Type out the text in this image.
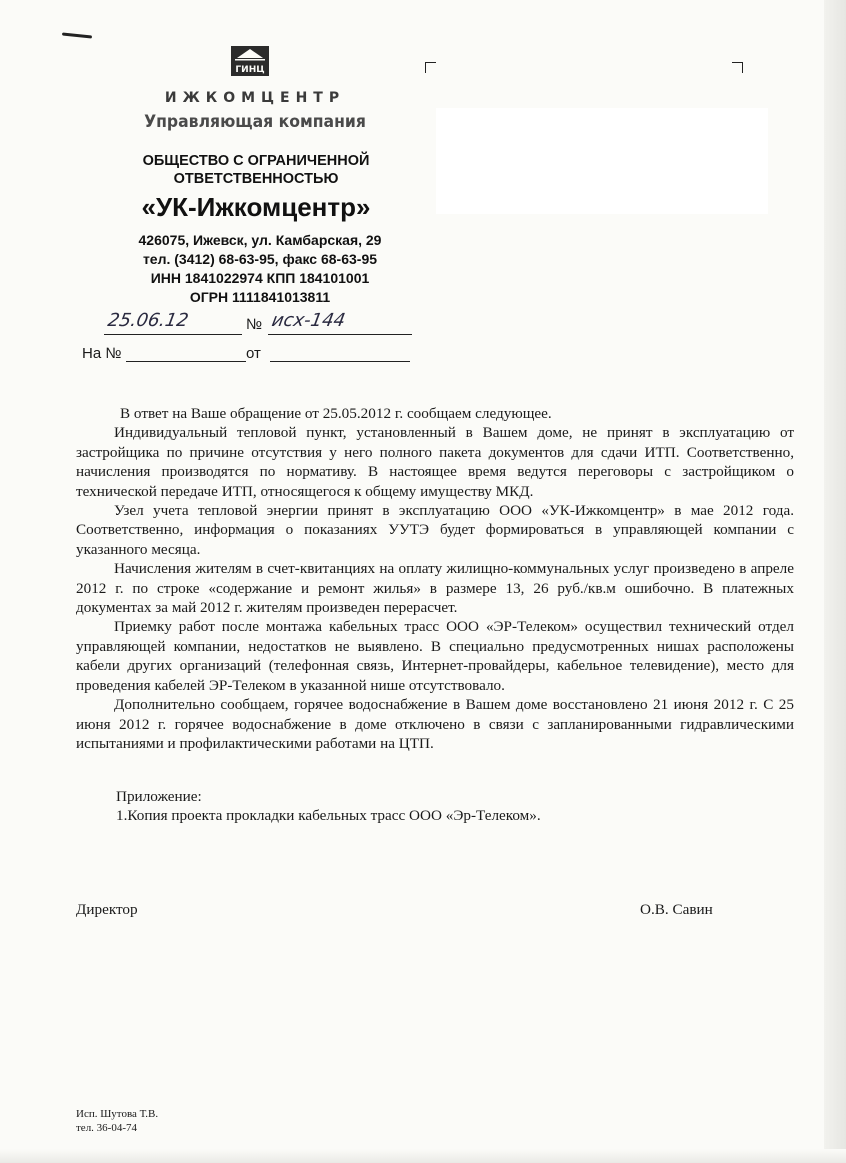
ГИНЦ
ИЖКОМЦЕНТР
Управляющая компания
ОБЩЕСТВО С ОГРАНИЧЕННОЙ
ОТВЕТСТВЕННОСТЬЮ
«УК-Ижкомцентр»
426075, Ижевск, ул. Камбарская, 29
тел. (3412) 68-63-95, факс 68-63-95
ИНН 1841022974 КПП 184101001
ОГРН 1111841013811
25.06.12	№ исх-144
На №	от

В ответ на Ваше обращение от 25.05.2012 г. сообщаем следующее.

Индивидуальный тепловой пункт, установленный в Вашем доме, не принят в эксплуатацию от застройщика по причине отсутствия у него полного пакета документов для сдачи ИТП. Соответственно, начисления производятся по нормативу. В настоящее время ведутся переговоры с застройщиком о технической передаче ИТП, относящегося к общему имуществу МКД.

Узел учета тепловой энергии принят в эксплуатацию ООО «УК-Ижкомцентр» в мае 2012 года. Соответственно, информация о показаниях УУТЭ будет формироваться в управляющей компании с указанного месяца.

Начисления жителям в счет-квитанциях на оплату жилищно-коммунальных услуг произведено в апреле 2012 г. по строке «содержание и ремонт жилья» в размере 13, 26 руб./кв.м ошибочно. В платежных документах за май 2012 г. жителям произведен перерасчет.

Приемку работ после монтажа кабельных трасс ООО «ЭР-Телеком» осуществил технический отдел управляющей компании, недостатков не выявлено. В специально предусмотренных нишах расположены кабели других организаций (телефонная связь, Интернет-провайдеры, кабельное телевидение), место для проведения кабелей ЭР-Телеком в указанной нише отсутствовало.

Дополнительно сообщаем, горячее водоснабжение в Вашем доме восстановлено 21 июня 2012 г. С 25 июня 2012 г. горячее водоснабжение в доме отключено в связи с запланированными гидравлическими испытаниями и профилактическими работами на ЦТП.

Приложение:
1.Копия проекта прокладки кабельных трасс ООО «Эр-Телеком».
Директор	О.В. Савин
Исп. Шутова Т.В.
тел. 36-04-74
